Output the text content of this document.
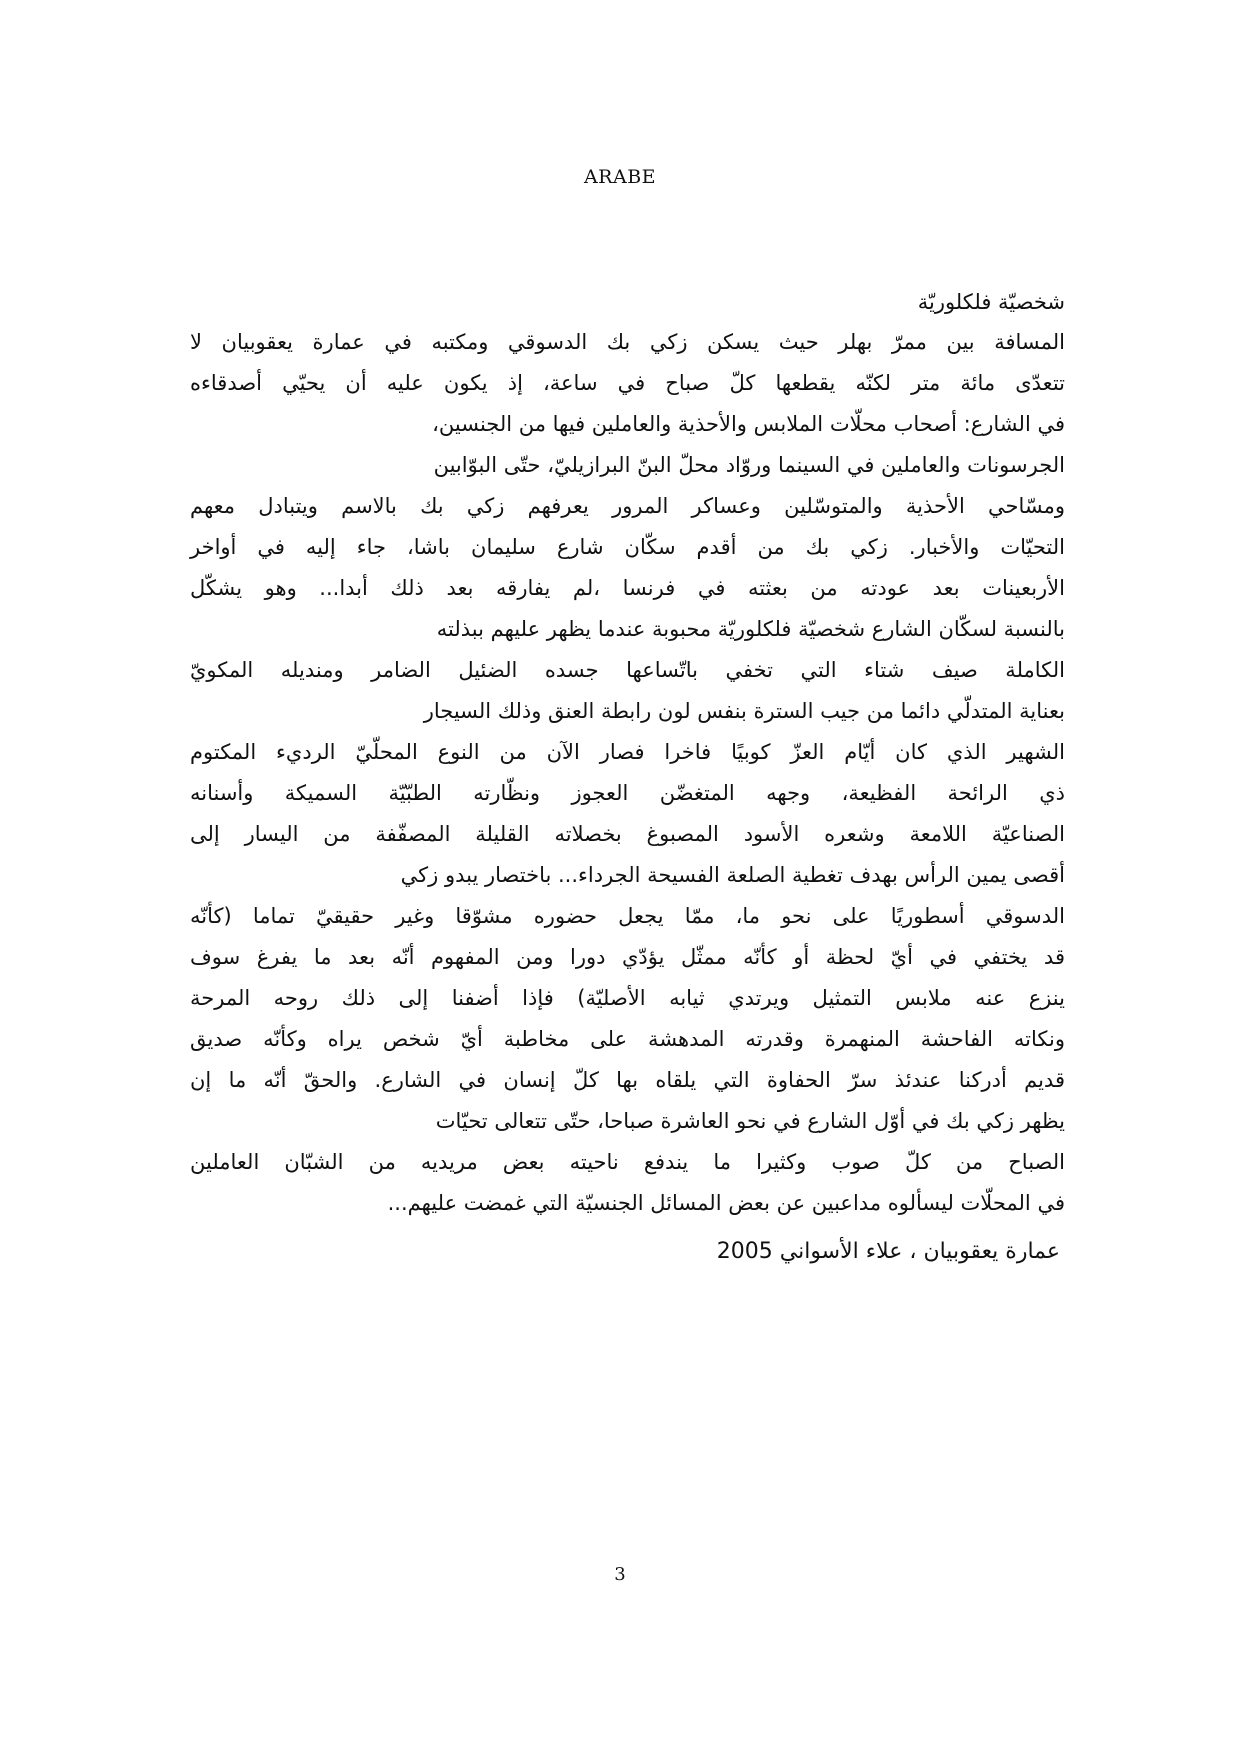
ARABE
شخصيّة فلكلوريّة
المسافة بين ممرّ بهلر حيث يسكن زكي بك الدسوقي ومكتبه في عمارة يعقوبيان لا
تتعدّى مائة متر لكنّه يقطعها كلّ صباح في ساعة، إذ يكون عليه أن يحيّي أصدقاءه
في الشارع: أصحاب محلّات الملابس والأحذية والعاملين فيها من الجنسين،
الجرسونات والعاملين في السينما وروّاد محلّ البنّ البرازيليّ، حتّى البوّابين
ومسّاحي الأحذية والمتوسّلين وعساكر المرور يعرفهم زكي بك بالاسم ويتبادل معهم
التحيّات والأخبار. زكي بك من أقدم سكّان شارع سليمان باشا، جاء إليه في أواخر
الأربعينات بعد عودته من بعثته في فرنسا ،لم يفارقه بعد ذلك أبدا... وهو يشكّل
بالنسبة لسكّان الشارع شخصيّة فلكلوريّة محبوبة عندما يظهر عليهم ببذلته
الكاملة صيف شتاء التي تخفي باتّساعها جسده الضئيل الضامر ومنديله المكويّ
بعناية المتدلّي دائما من جيب السترة بنفس لون رابطة العنق وذلك السيجار
الشهير الذي كان أيّام العزّ كوبيًا فاخرا فصار الآن من النوع المحلّيّ الرديء المكتوم
ذي الرائحة الفظيعة، وجهه المتغضّن العجوز ونظّارته الطبّيّة السميكة وأسنانه
الصناعيّة اللامعة وشعره الأسود المصبوغ بخصلاته القليلة المصفّفة من اليسار إلى
أقصى يمين الرأس بهدف تغطية الصلعة الفسيحة الجرداء... باختصار يبدو زكي
الدسوقي أسطوريًا على نحو ما، ممّا يجعل حضوره مشوّقا وغير حقيقيّ تماما (كأنّه
قد يختفي في أيّ لحظة أو كأنّه ممثّل يؤدّي دورا ومن المفهوم أنّه بعد ما يفرغ سوف
ينزع عنه ملابس التمثيل ويرتدي ثيابه الأصليّة) فإذا أضفنا إلى ذلك روحه المرحة
ونكاته الفاحشة المنهمرة وقدرته المدهشة على مخاطبة أيّ شخص يراه وكأنّه صديق
قديم أدركنا عندئذ سرّ الحفاوة التي يلقاه بها كلّ إنسان في الشارع. والحقّ أنّه ما إن
يظهر زكي بك في أوّل الشارع في نحو العاشرة صباحا، حتّى تتعالى تحيّات
الصباح من كلّ صوب وكثيرا ما يندفع ناحيته بعض مريديه من الشبّان العاملين
في المحلّات ليسألوه مداعبين عن بعض المسائل الجنسيّة التي غمضت عليهم...
عمارة يعقوبيان ، علاء الأسواني 2005
3
